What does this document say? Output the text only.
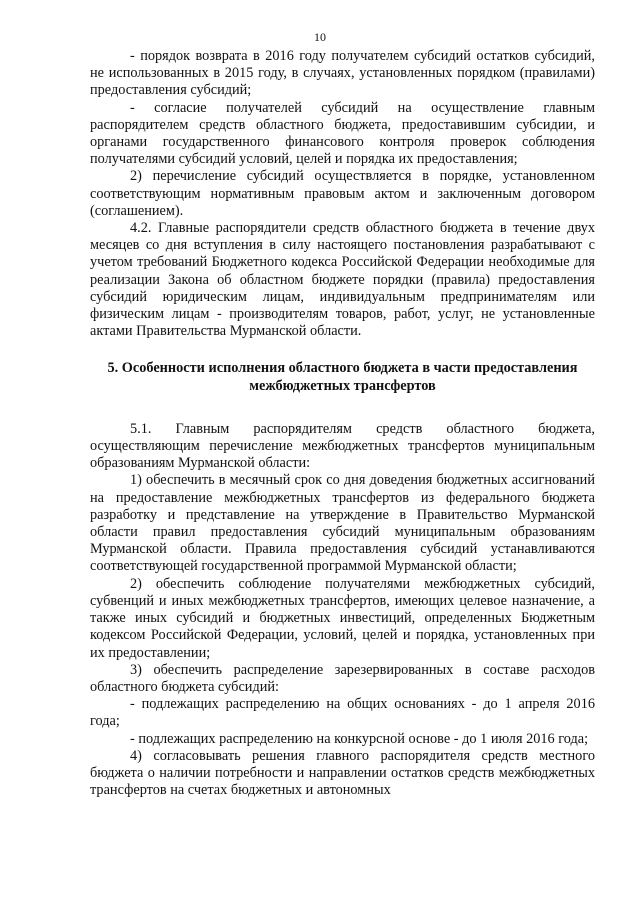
10

- порядок возврата в 2016 году получателем субсидий остатков субсидий, не использованных в 2015 году, в случаях, установленных порядком (правилами) предоставления субсидий;

- согласие получателей субсидий на осуществление главным распорядителем средств областного бюджета, предоставившим субсидии, и органами государственного финансового контроля проверок соблюдения получателями субсидий условий, целей и порядка их предоставления;

2) перечисление субсидий осуществляется в порядке, установленном соответствующим нормативным правовым актом и заключенным договором (соглашением).

4.2. Главные распорядители средств областного бюджета в течение двух месяцев со дня вступления в силу настоящего постановления разрабатывают с учетом требований Бюджетного кодекса Российской Федерации необходимые для реализации Закона об областном бюджете порядки (правила) предоставления субсидий юридическим лицам, индивидуальным предпринимателям или физическим лицам - производителям товаров, работ, услуг, не установленные актами Правительства Мурманской области.

5. Особенности исполнения областного бюджета в части предоставления
межбюджетных трансфертов

5.1. Главным распорядителям средств областного бюджета, осуществляющим перечисление межбюджетных трансфертов муниципальным образованиям Мурманской области:

1) обеспечить в месячный срок со дня доведения бюджетных ассигнований на предоставление межбюджетных трансфертов из федерального бюджета разработку и представление на утверждение в Правительство Мурманской области правил предоставления субсидий муниципальным образованиям Мурманской области. Правила предоставления субсидий устанавливаются соответствующей государственной программой Мурманской области;

2) обеспечить соблюдение получателями межбюджетных субсидий, субвенций и иных межбюджетных трансфертов, имеющих целевое назначение, а также иных субсидий и бюджетных инвестиций, определенных Бюджетным кодексом Российской Федерации, условий, целей и порядка, установленных при их предоставлении;

3) обеспечить распределение зарезервированных в составе расходов областного бюджета субсидий:

- подлежащих распределению на общих основаниях - до 1 апреля 2016 года;

- подлежащих распределению на конкурсной основе - до 1 июля 2016 года;

4) согласовывать решения главного распорядителя средств местного бюджета о наличии потребности и направлении остатков средств межбюджетных трансфертов на счетах бюджетных и автономных
